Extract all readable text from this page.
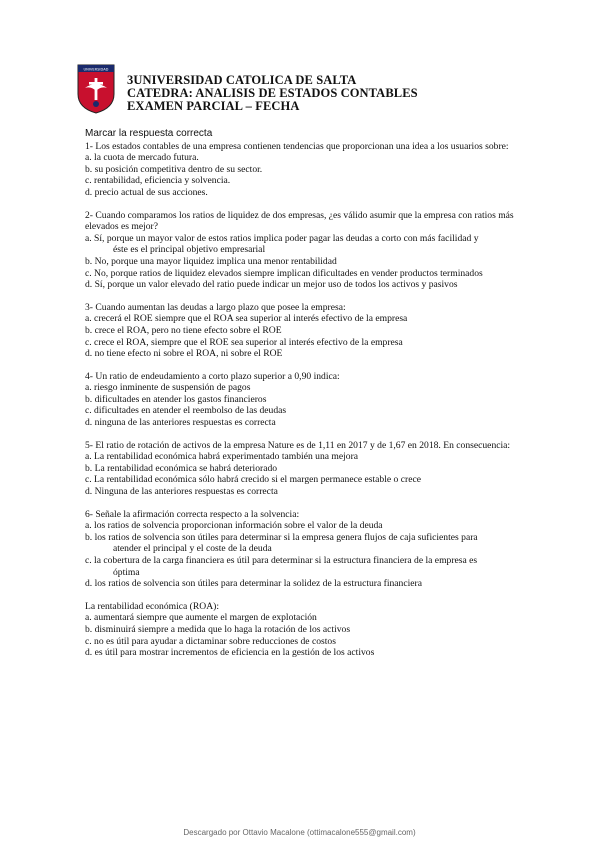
UNIVERSIDAD
3UNIVERSIDAD CATOLICA DE SALTA
CATEDRA: ANALISIS DE ESTADOS CONTABLES
EXAMEN PARCIAL – FECHA
Marcar la respuesta correcta
1- Los estados contables de una empresa contienen tendencias que proporcionan una idea a los usuarios sobre:
a. la cuota de mercado futura.
b. su posición competitiva dentro de su sector.
c. rentabilidad, eficiencia y solvencia.
d. precio actual de sus acciones.
2- Cuando comparamos los ratios de liquidez de dos empresas, ¿es válido asumir que la empresa con ratios más elevados es mejor?
a. Sí, porque un mayor valor de estos ratios implica poder pagar las deudas a corto con más facilidad y
éste es el principal objetivo empresarial
b. No, porque una mayor liquidez implica una menor rentabilidad
c. No, porque ratios de liquidez elevados siempre implican dificultades en vender productos terminados
d. Sí, porque un valor elevado del ratio puede indicar un mejor uso de todos los activos y pasivos
3- Cuando aumentan las deudas a largo plazo que posee la empresa:
a. crecerá el ROE siempre que el ROA sea superior al interés efectivo de la empresa
b. crece el ROA, pero no tiene efecto sobre el ROE
c. crece el ROA, siempre que el ROE sea superior al interés efectivo de la empresa
d. no tiene efecto ni sobre el ROA, ni sobre el ROE
4- Un ratio de endeudamiento a corto plazo superior a 0,90 indica:
a. riesgo inminente de suspensión de pagos
b. dificultades en atender los gastos financieros
c. dificultades en atender el reembolso de las deudas
d. ninguna de las anteriores respuestas es correcta
5- El ratio de rotación de activos de la empresa Nature es de 1,11 en 2017 y de 1,67 en 2018. En consecuencia:
a. La rentabilidad económica habrá experimentado también una mejora
b. La rentabilidad económica se habrá deteriorado
c. La rentabilidad económica sólo habrá crecido si el margen permanece estable o crece
d. Ninguna de las anteriores respuestas es correcta
6- Señale la afirmación correcta respecto a la solvencia:
a. los ratios de solvencia proporcionan información sobre el valor de la deuda
b. los ratios de solvencia son útiles para determinar si la empresa genera flujos de caja suficientes para
atender el principal y el coste de la deuda
c. la cobertura de la carga financiera es útil para determinar si la estructura financiera de la empresa es
óptima
d. los ratios de solvencia son útiles para determinar la solidez de la estructura financiera
La rentabilidad económica (ROA):
a. aumentará siempre que aumente el margen de explotación
b. disminuirá siempre a medida que lo haga la rotación de los activos
c. no es útil para ayudar a dictaminar sobre reducciones de costos
d. es útil para mostrar incrementos de eficiencia en la gestión de los activos
Descargado por Ottavio Macalone (ottimacalone555@gmail.com)
